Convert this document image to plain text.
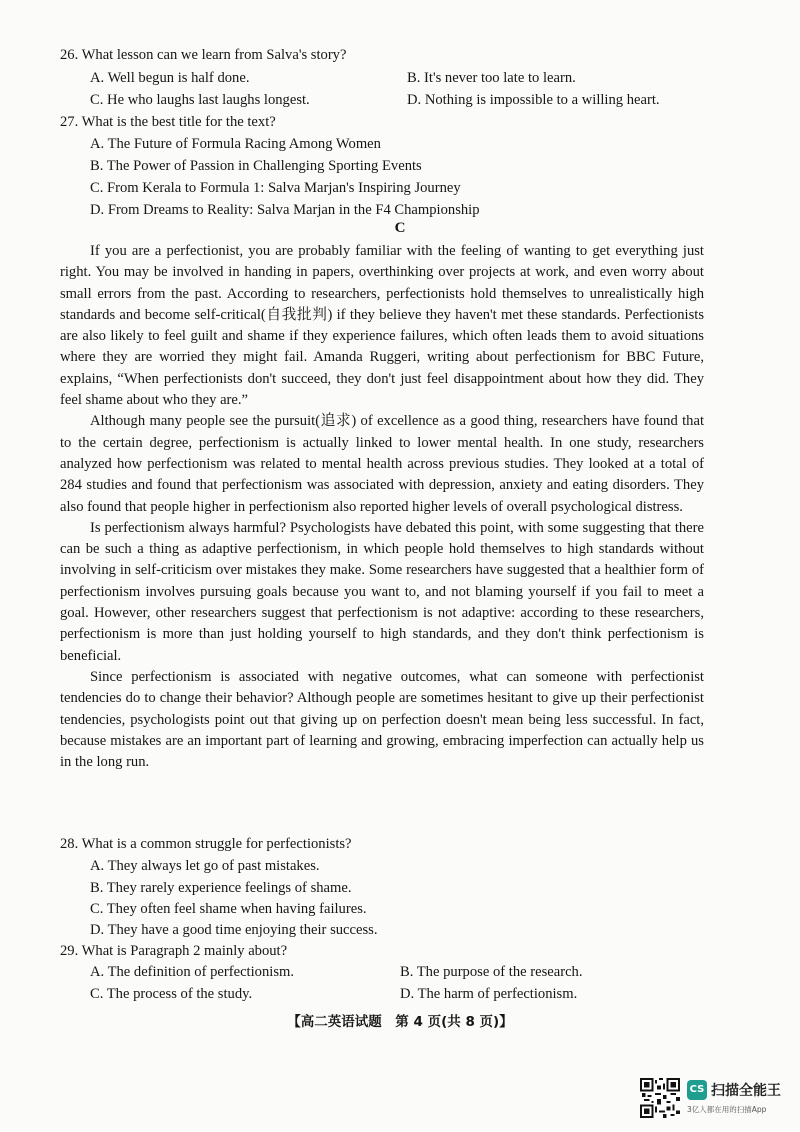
26. What lesson can we learn from Salva's story?
A. Well begun is half done.	B. It's never too late to learn.
C. He who laughs last laughs longest.	D. Nothing is impossible to a willing heart.
27. What is the best title for the text?
A. The Future of Formula Racing Among Women
B. The Power of Passion in Challenging Sporting Events
C. From Kerala to Formula 1: Salva Marjan's Inspiring Journey
D. From Dreams to Reality: Salva Marjan in the F4 Championship
C

If you are a perfectionist, you are probably familiar with the feeling of wanting to get everything just right. You may be involved in handing in papers, overthinking over projects at work, and even worry about small errors from the past. According to researchers, perfectionists hold themselves to unrealistically high standards and become self-critical(自我批判) if they believe they haven't met these standards. Perfectionists are also likely to feel guilt and shame if they experience failures, which often leads them to avoid situations where they are worried they might fail. Amanda Ruggeri, writing about perfectionism for BBC Future, explains, “When perfectionists don't succeed, they don't just feel disappointment about how they did. They feel shame about who they are.”

Although many people see the pursuit(追求) of excellence as a good thing, researchers have found that to the certain degree, perfectionism is actually linked to lower mental health. In one study, researchers analyzed how perfectionism was related to mental health across previous studies. They looked at a total of 284 studies and found that perfectionism was associated with depression, anxiety and eating disorders. They also found that people higher in perfectionism also reported higher levels of overall psychological distress.

Is perfectionism always harmful? Psychologists have debated this point, with some suggesting that there can be such a thing as adaptive perfectionism, in which people hold themselves to high standards without involving in self-criticism over mistakes they make. Some researchers have suggested that a healthier form of perfectionism involves pursuing goals because you want to, and not blaming yourself if you fail to meet a goal. However, other researchers suggest that perfectionism is not adaptive: according to these researchers, perfectionism is more than just holding yourself to high standards, and they don't think perfectionism is beneficial.

Since perfectionism is associated with negative outcomes, what can someone with perfectionist tendencies do to change their behavior? Although people are sometimes hesitant to give up their perfectionist tendencies, psychologists point out that giving up on perfection doesn't mean being less successful. In fact, because mistakes are an important part of learning and growing, embracing imperfection can actually help us in the long run.

28. What is a common struggle for perfectionists?
A. They always let go of past mistakes.
B. They rarely experience feelings of shame.
C. They often feel shame when having failures.
D. They have a good time enjoying their success.
29. What is Paragraph 2 mainly about?
A. The definition of perfectionism.	B. The purpose of the research.
C. The process of the study.	D. The harm of perfectionism.
【高二英语试题　第 4 页(共 8 页)】
CS 扫描全能王
3亿人都在用的扫描App
